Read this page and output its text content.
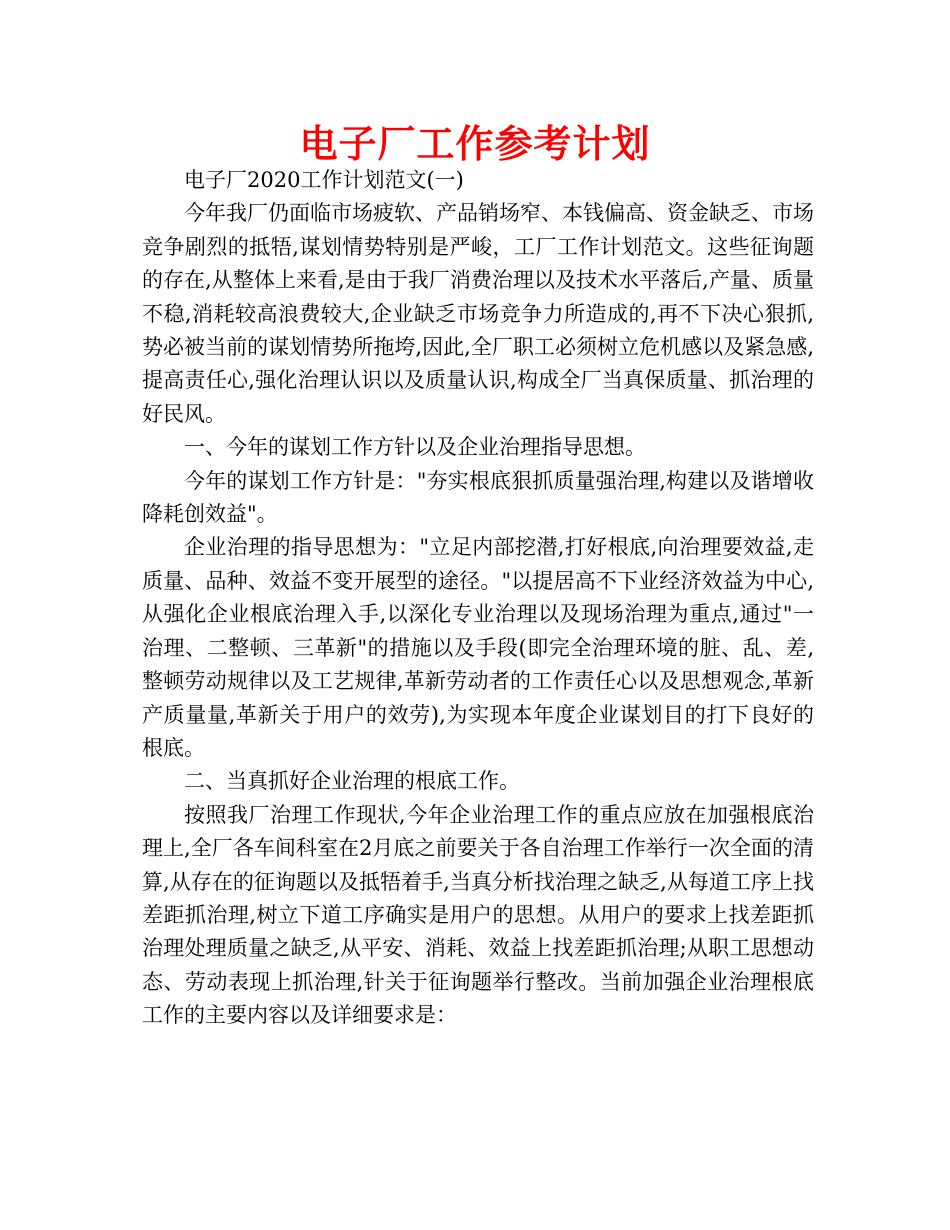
电子厂工作参考计划

电子厂2020工作计划范文(一)

今年我厂仍面临市场疲软、产品销场窄、本钱偏高、资金缺乏、市场竞争剧烈的抵牾,谋划情势特别是严峻，工厂工作计划范文。这些征询题的存在,从整体上来看,是由于我厂消费治理以及技术水平落后,产量、质量不稳,消耗较高浪费较大,企业缺乏市场竞争力所造成的,再不下决心狠抓,势必被当前的谋划情势所拖垮,因此,全厂职工必须树立危机感以及紧急感,提高责任心,强化治理认识以及质量认识,构成全厂当真保质量、抓治理的好民风。

一、今年的谋划工作方针以及企业治理指导思想。

今年的谋划工作方针是："夯实根底狠抓质量强治理,构建以及谐增收降耗创效益"。

企业治理的指导思想为："立足内部挖潜,打好根底,向治理要效益,走质量、品种、效益不变开展型的途径。"以提居高不下业经济效益为中心,从强化企业根底治理入手,以深化专业治理以及现场治理为重点,通过"一治理、二整顿、三革新"的措施以及手段(即完全治理环境的脏、乱、差,整顿劳动规律以及工艺规律,革新劳动者的工作责任心以及思想观念,革新产质量量,革新关于用户的效劳),为实现本年度企业谋划目的打下良好的根底。

二、当真抓好企业治理的根底工作。

按照我厂治理工作现状,今年企业治理工作的重点应放在加强根底治理上,全厂各车间科室在2月底之前要关于各自治理工作举行一次全面的清算,从存在的征询题以及抵牾着手,当真分析找治理之缺乏,从每道工序上找差距抓治理,树立下道工序确实是用户的思想。从用户的要求上找差距抓治理处理质量之缺乏,从平安、消耗、效益上找差距抓治理;从职工思想动态、劳动表现上抓治理,针关于征询题举行整改。当前加强企业治理根底工作的主要内容以及详细要求是：
